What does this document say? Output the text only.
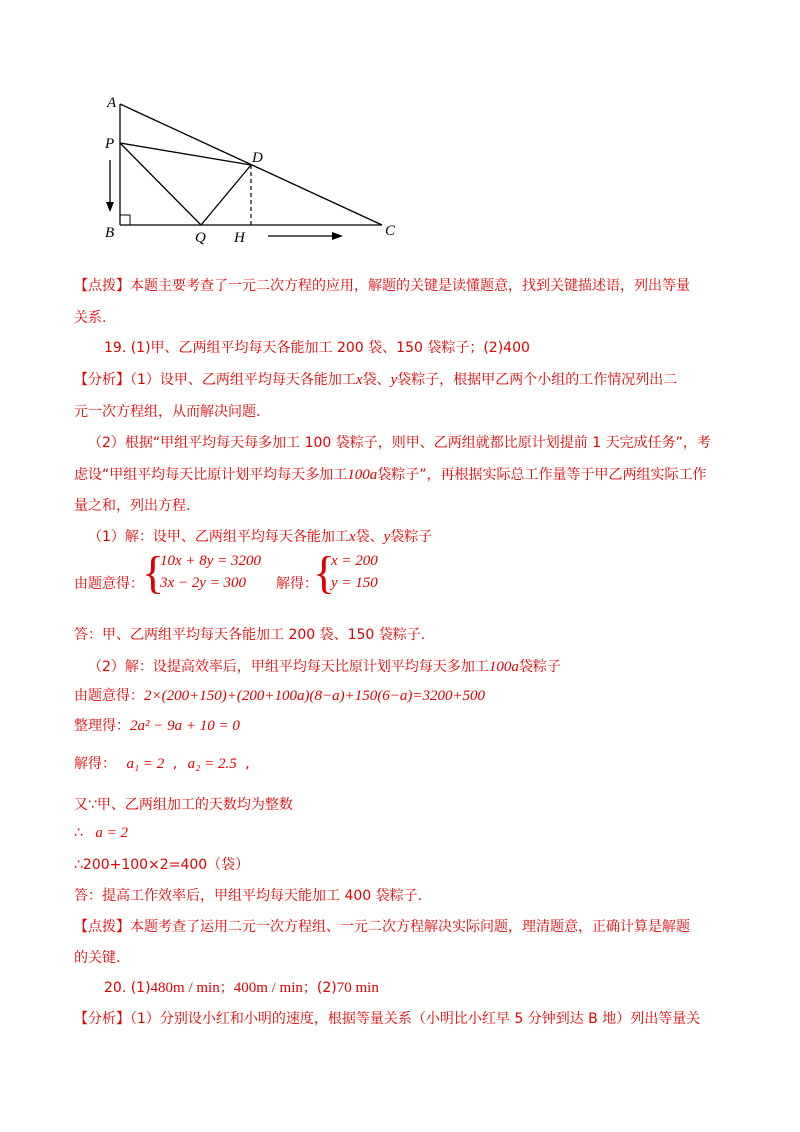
A
P
D
B	Q H	C
【点拨】本题主要考查了一元二次方程的应用，解题的关键是读懂题意，找到关键描述语，列出等量
关系.
19. (1)甲、乙两组平均每天各能加工 200 袋、150 袋粽子；(2)400
【分析】（1）设甲、乙两组平均每天各能加工x袋、y袋粽子，根据甲乙两个小组的工作情况列出二
元一次方程组，从而解决问题.
（2）根据“甲组平均每天每多加工 100 袋粽子，则甲、乙两组就都比原计划提前 1 天完成任务”，考
虑设“甲组平均每天比原计划平均每天多加工100a袋粽子”，再根据实际总工作量等于甲乙两组实际工作
量之和，列出方程.
（1）解：设甲、乙两组平均每天各能加工x袋、y袋粽子
由题意得：
{
10x + 8y = 3200
3x − 2y = 300 解得：
{
x = 200
y = 150
答：甲、乙两组平均每天各能加工 200 袋、150 袋粽子.
（2）解：设提高效率后，甲组平均每天比原计划平均每天多加工100a袋粽子
由题意得：2×(200+150)+(200+100a)(8−a)+150(6−a)=3200+500
整理得：2a² − 9a + 10 = 0
解得： a₁ = 2 , a₂ = 2.5 ,
又∵甲、乙两组加工的天数均为整数
∴ a = 2
∴200+100×2=400（袋）
答：提高工作效率后，甲组平均每天能加工 400 袋粽子.
【点拨】本题考查了运用二元一次方程组、一元二次方程解决实际问题，理清题意，正确计算是解题
的关键.
20. (1)480m / min；400m / min；(2)70 min
【分析】（1）分别设小红和小明的速度，根据等量关系（小明比小红早 5 分钟到达 B 地）列出等量关
